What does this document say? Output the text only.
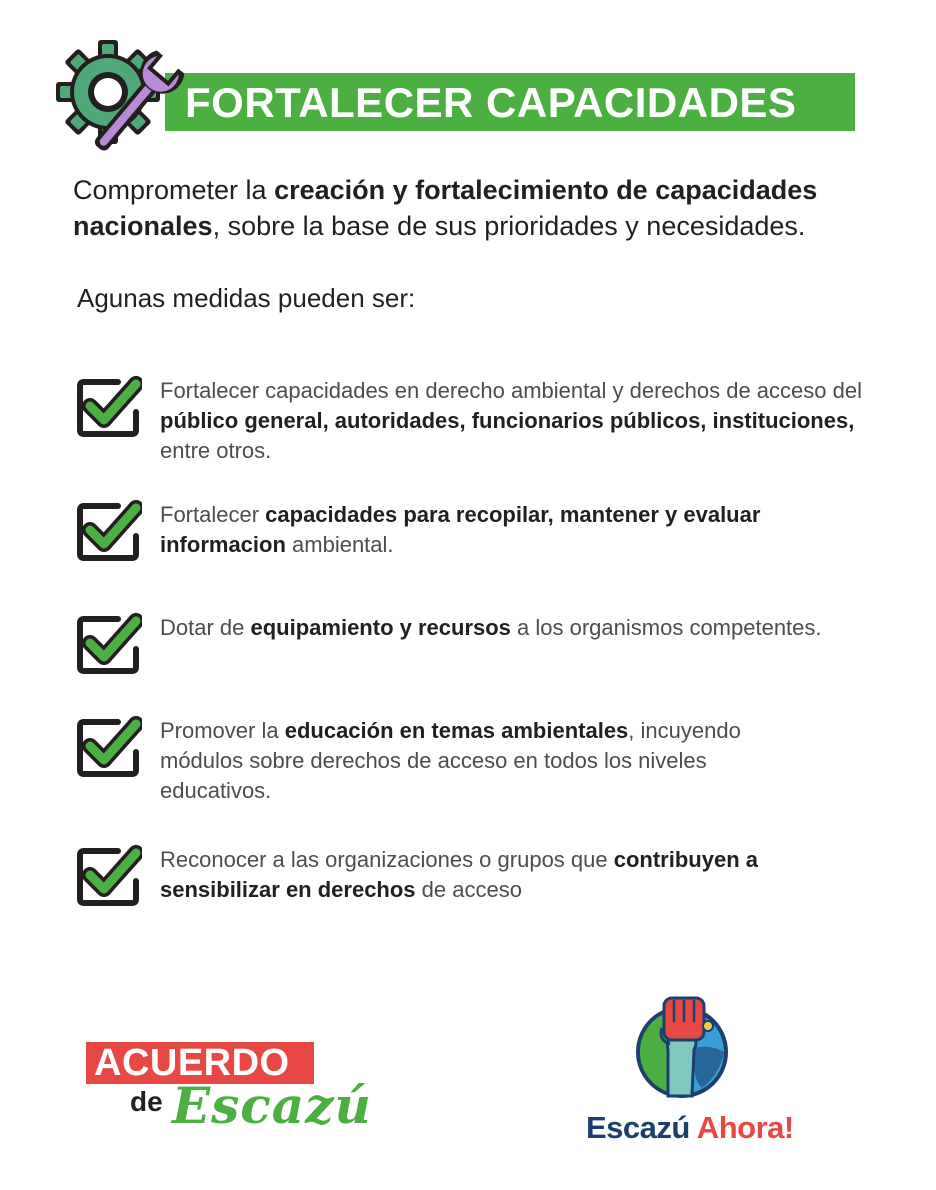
FORTALECER CAPACIDADES
Comprometer la creación y fortalecimiento de capacidades nacionales, sobre la base de sus prioridades y necesidades.
Agunas medidas pueden ser:
Fortalecer capacidades en derecho ambiental y derechos de acceso del público general, autoridades, funcionarios públicos, instituciones, entre otros.
Fortalecer capacidades para recopilar, mantener y evaluar informacion ambiental.
Dotar de equipamiento y recursos a los organismos competentes.
Promover la educación en temas ambientales, incuyendo módulos sobre derechos de acceso en todos los niveles educativos.
Reconocer a las organizaciones o grupos que contribuyen a sensibilizar en derechos de acceso
ACUERDO
de Escazú	Escazú Ahora!
